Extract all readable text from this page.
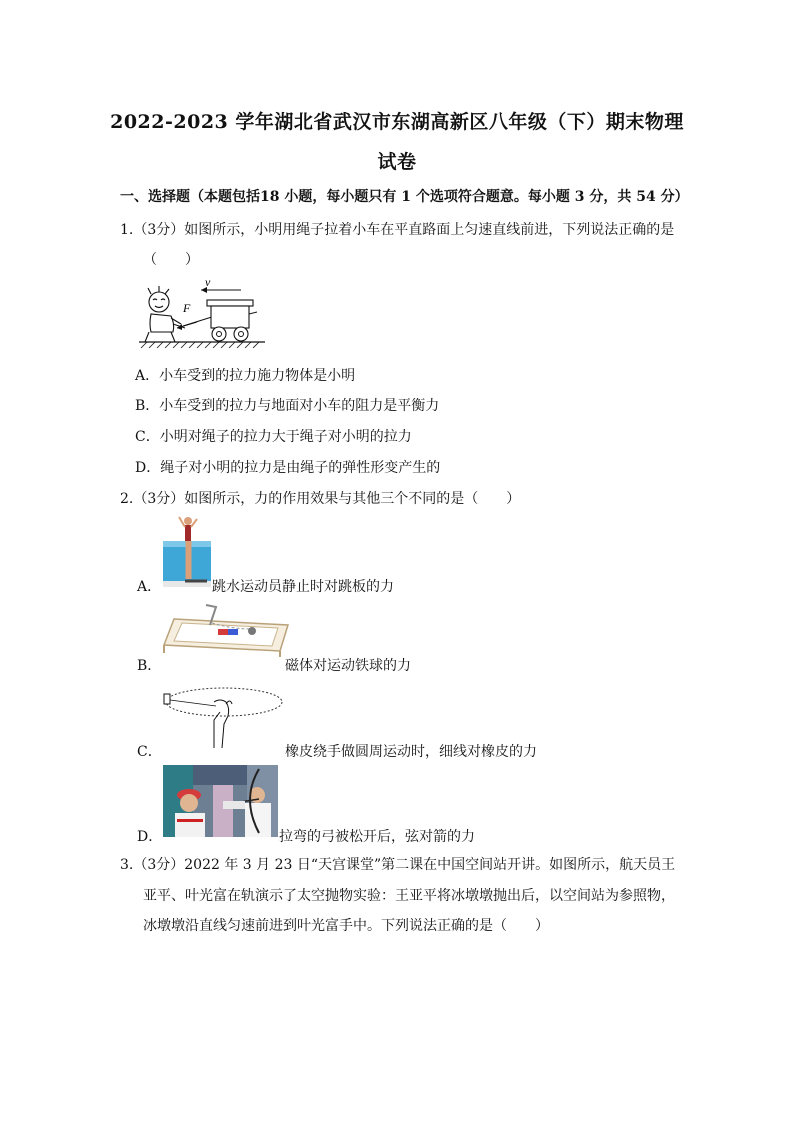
2022-2023 学年湖北省武汉市东湖高新区八年级（下）期末物理
试卷
一、选择题（本题包括18 小题，每小题只有 1 个选项符合题意。每小题 3 分，共 54 分）
1.（3分）如图所示，小明用绳子拉着小车在平直路面上匀速直线前进，下列说法正确的是
（　　）
F
v
A．小车受到的拉力施力物体是小明
B．小车受到的拉力与地面对小车的阻力是平衡力
C．小明对绳子的拉力大于绳子对小明的拉力
D．绳子对小明的拉力是由绳子的弹性形变产生的
2.（3分）如图所示，力的作用效果与其他三个不同的是（　　）
A．	跳水运动员静止时对跳板的力
B．	磁体对运动铁球的力
C．	橡皮绕手做圆周运动时，细线对橡皮的力
D．	拉弯的弓被松开后，弦对箭的力
3.（3分）2022 年 3 月 23 日“天宫课堂”第二课在中国空间站开讲。如图所示，航天员王
亚平、叶光富在轨演示了太空抛物实验：王亚平将冰墩墩抛出后，以空间站为参照物，
冰墩墩沿直线匀速前进到叶光富手中。下列说法正确的是（　　）
